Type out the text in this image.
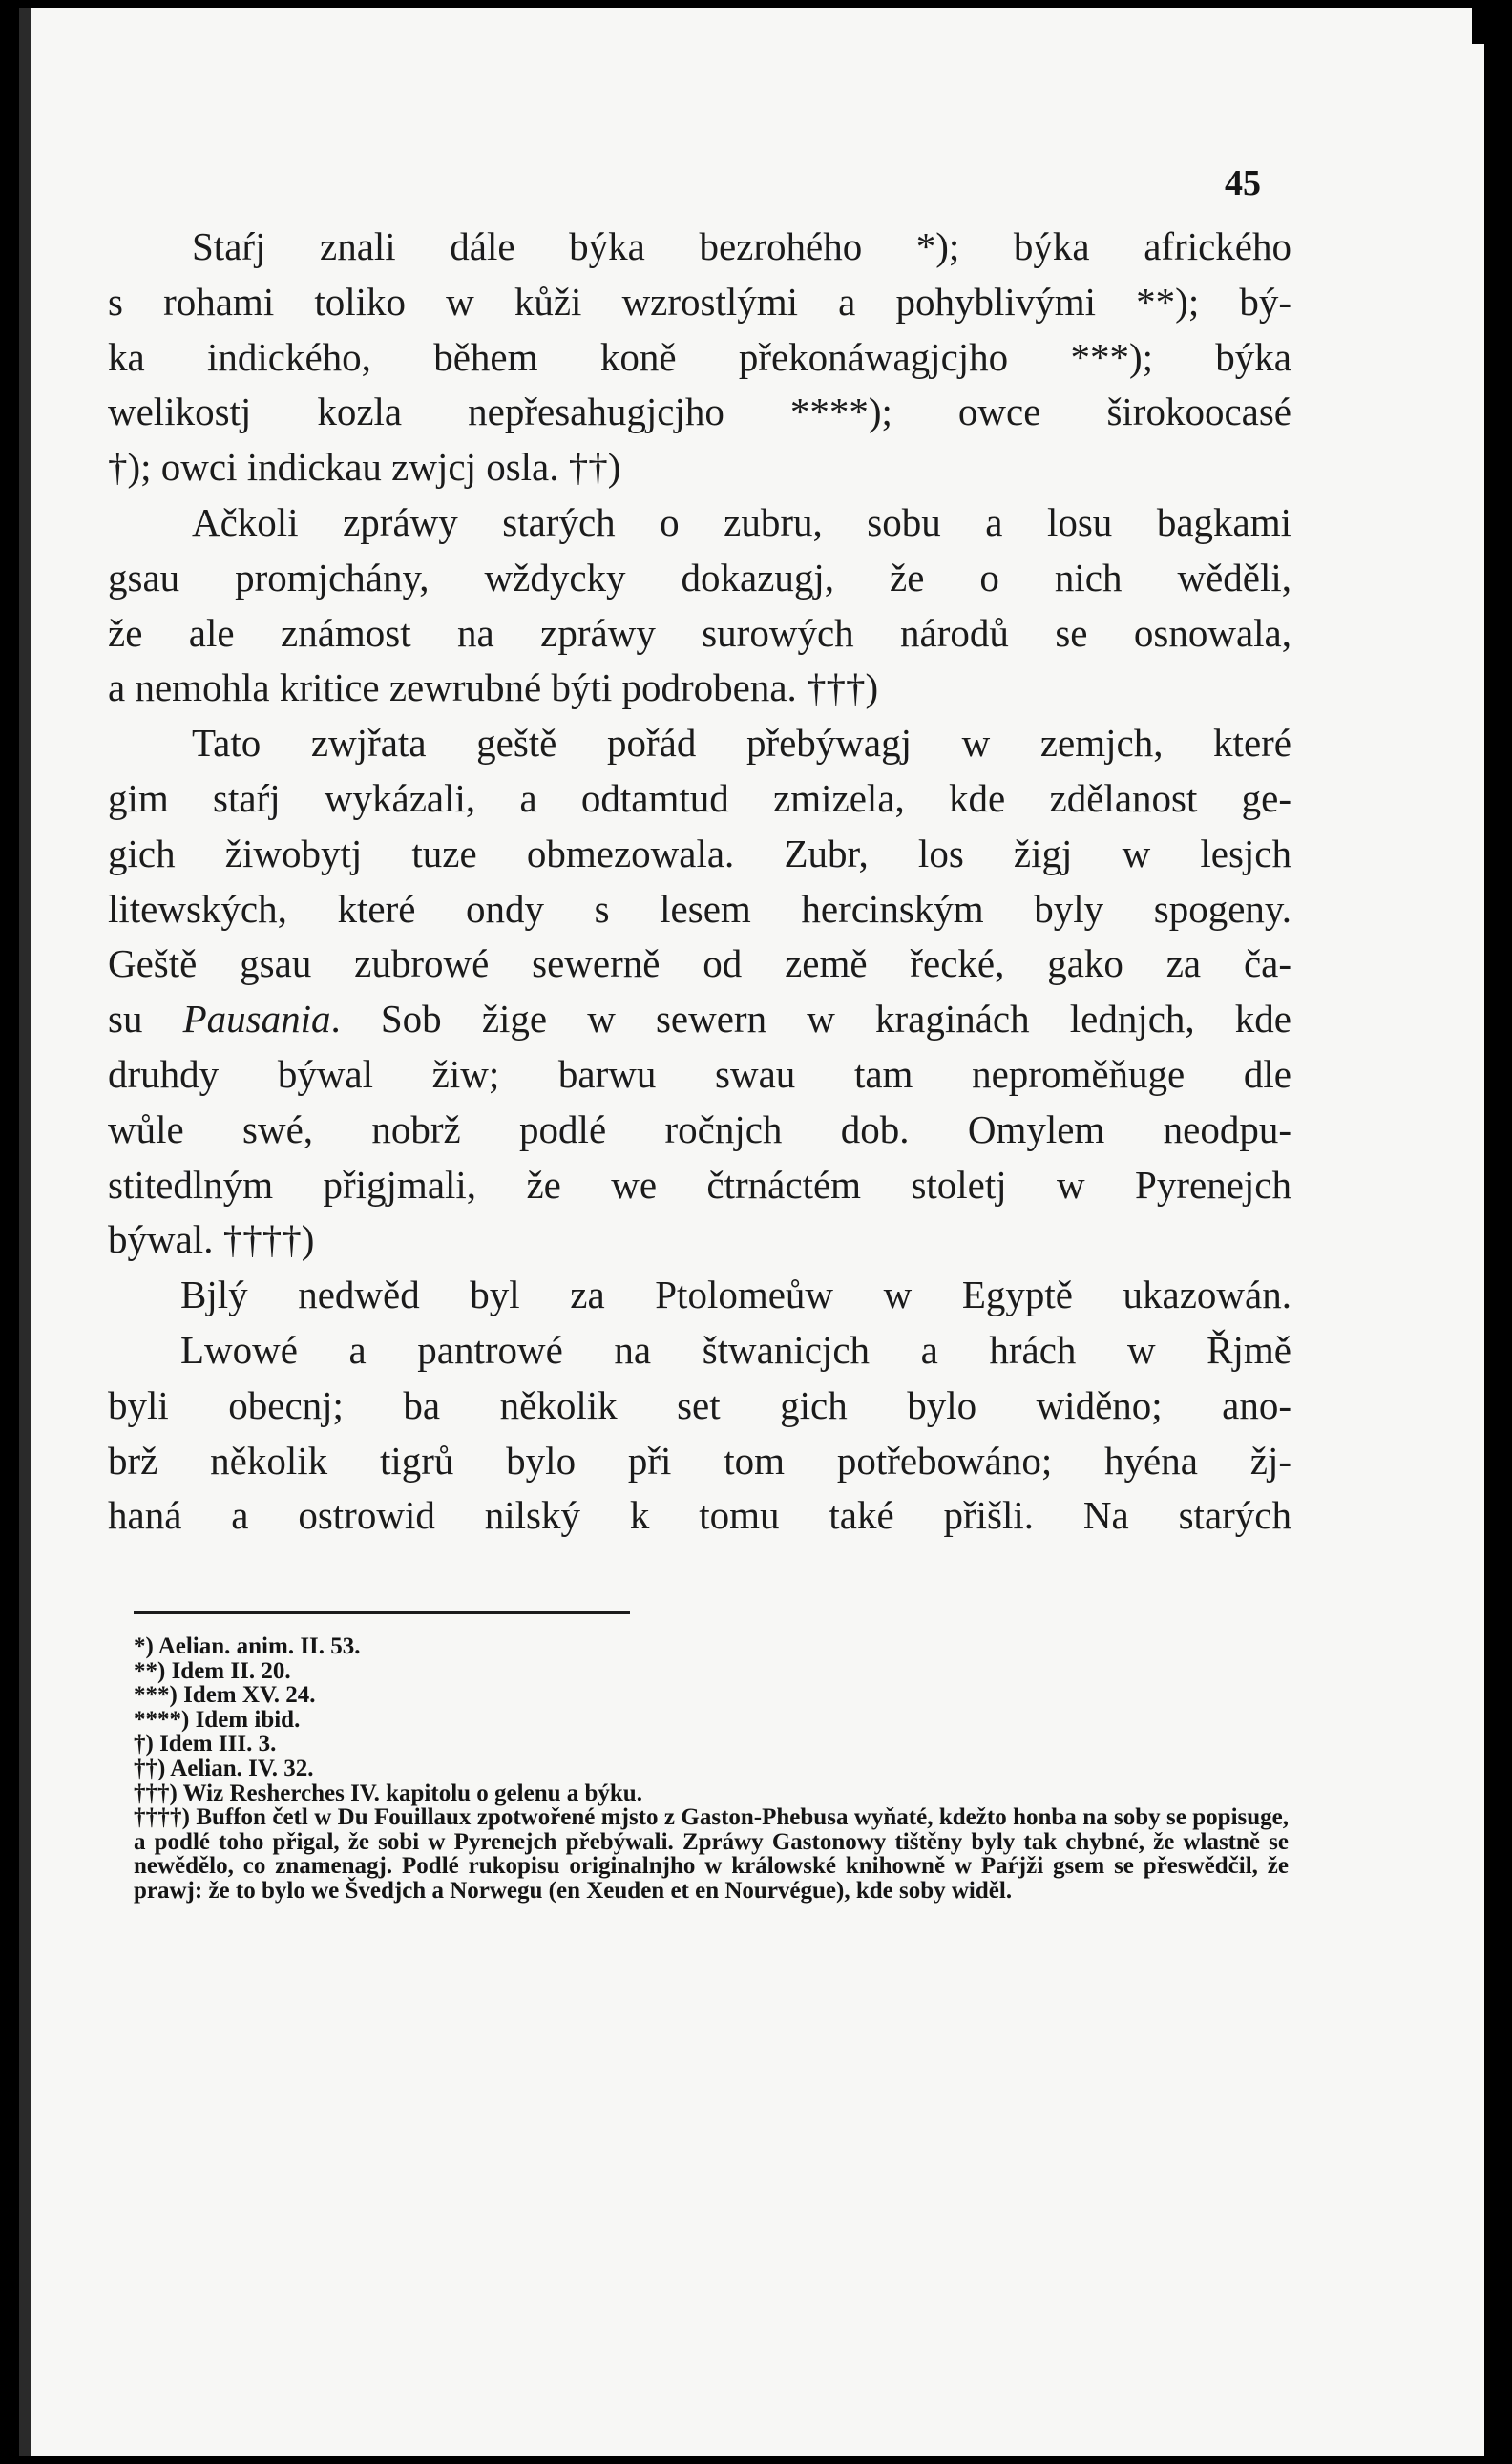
45
Staŕj znali dále býka bezrohého *); býka afrického
s rohami toliko w kůži wzrostlými a pohyblivými **); bý-
ka indického, během koně překonáwagjcjho ***); býka
welikostj kozla nepřesahugjcjho ****); owce širokoocasé
†); owci indickau zwjcj osla. ††)
Ačkoli zpráwy starých o zubru, sobu a losu bagkami
gsau promjchány, wždycky dokazugj, že o nich wěděli,
že ale známost na zpráwy surowých národů se osnowala,
a nemohla kritice zewrubné býti podrobena. †††)
Tato zwjřata geště pořád přebýwagj w zemjch, které
gim staŕj wykázali, a odtamtud zmizela, kde zdělanost ge-
gich žiwobytj tuze obmezowala. Zubr, los žigj w lesjch
litewských, které ondy s lesem hercinským byly spogeny.
Geště gsau zubrowé sewerně od země řecké, gako za ča-
su Pausania. Sob žige w sewern w kraginách lednjch, kde
druhdy býwal žiw; barwu swau tam neproměňuge dle
wůle swé, nobrž podlé ročnjch dob. Omylem neodpu-
stitedlným přigjmali, že we čtrnáctém stoletj w Pyrenejch
býwal. ††††)
Bjlý nedwěd byl za Ptolomeůw w Egyptě ukazowán.
Lwowé a pantrowé na štwanicjch a hrách w Řjmě
byli obecnj; ba několik set gich bylo widěno; ano-
brž několik tigrů bylo při tom potřebowáno; hyéna žj-
haná a ostrowid nilský k tomu také přišli. Na starých
*) Aelian. anim. II. 53.
**) Idem II. 20.
***) Idem XV. 24.
****) Idem ibid.
†) Idem III. 3.
††) Aelian. IV. 32.
†††) Wiz Resherches IV. kapitolu o gelenu a býku.
††††) Buffon četl w Du Fouillaux zpotwořené mjsto z Gaston-Phebusa wyňaté, kdežto honba na soby se popisuge, a podlé toho přigal, že sobi w Pyrenejch přebýwali. Zpráwy Gastonowy tištěny byly tak chybné, že wlastně se newědělo, co znamenagj. Podlé rukopisu originalnjho w králowské knihowně w Paŕjži gsem se přeswědčil, že prawj: že to bylo we Švedjch a Norwegu (en Xeuden et en Nourvégue), kde soby widěl.
